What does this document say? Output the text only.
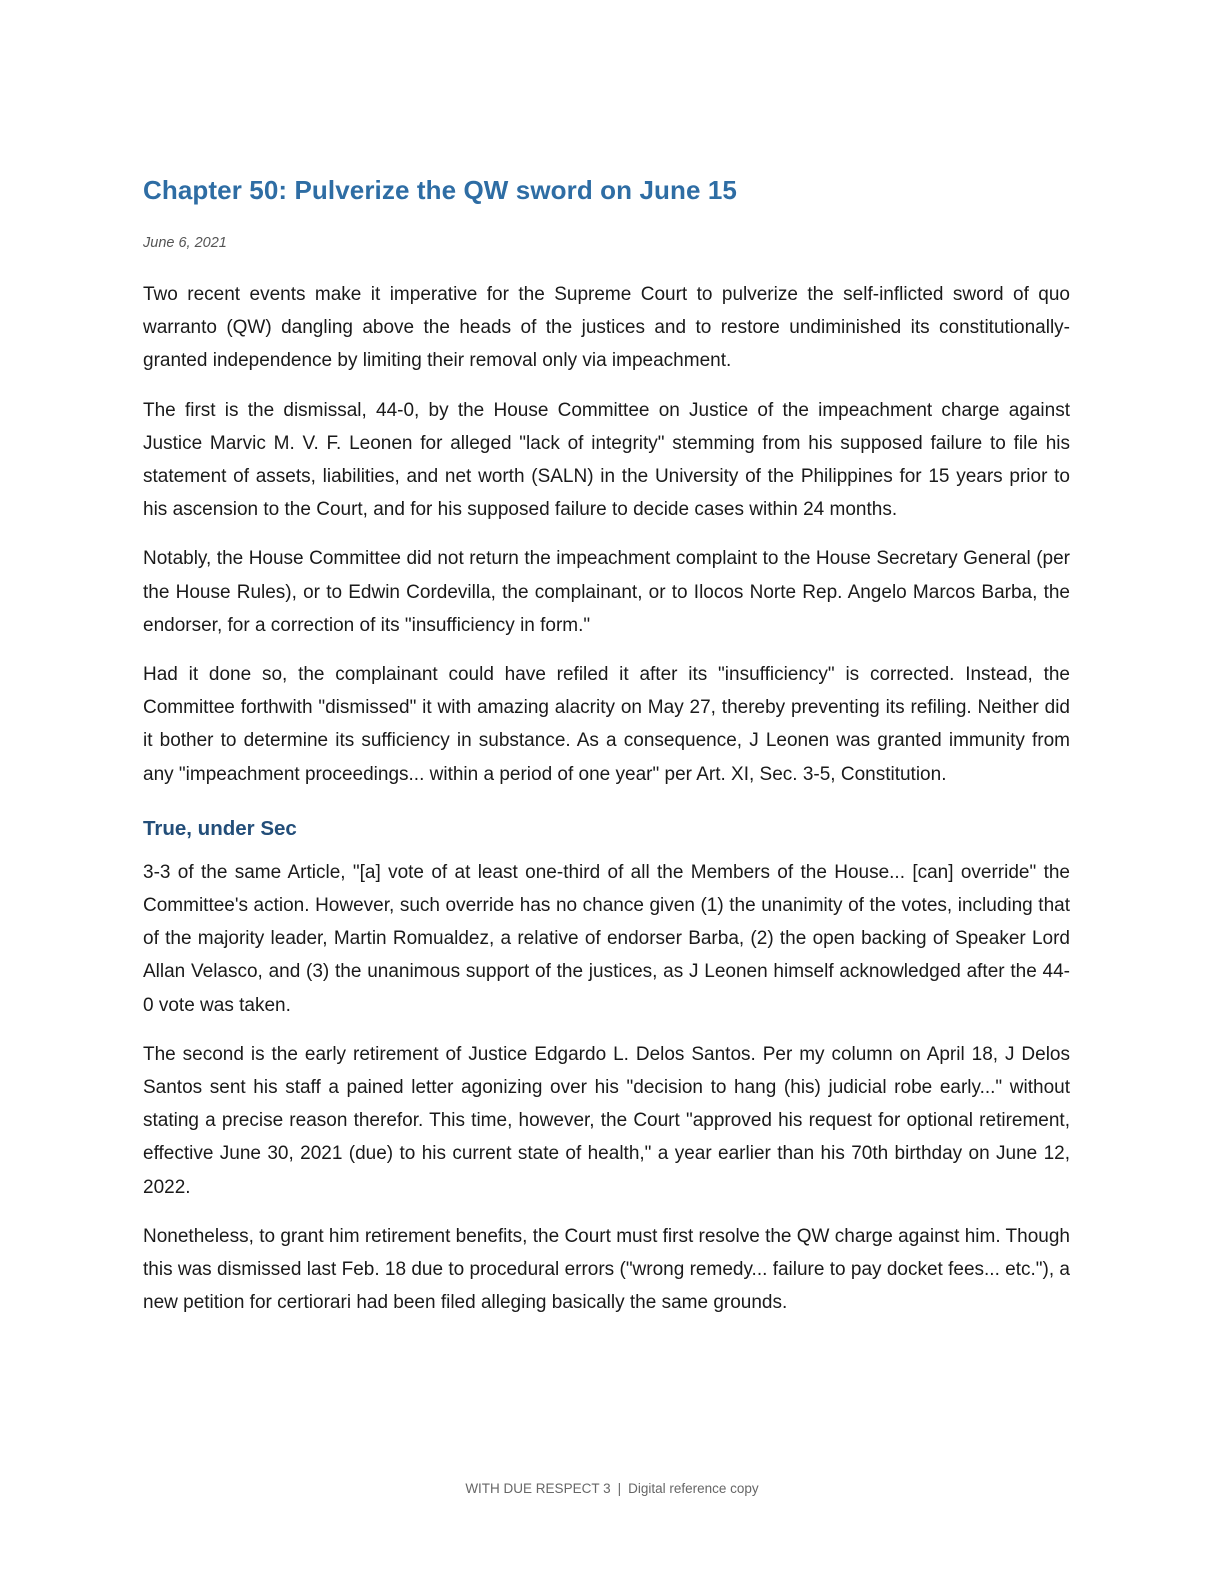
Chapter 50: Pulverize the QW sword on June 15
June 6, 2021

Two recent events make it imperative for the Supreme Court to pulverize the self-inflicted sword of quo warranto (QW) dangling above the heads of the justices and to restore undiminished its constitutionally-granted independence by limiting their removal only via impeachment.

The first is the dismissal, 44-0, by the House Committee on Justice of the impeachment charge against Justice Marvic M. V. F. Leonen for alleged "lack of integrity" stemming from his supposed failure to file his statement of assets, liabilities, and net worth (SALN) in the University of the Philippines for 15 years prior to his ascension to the Court, and for his supposed failure to decide cases within 24 months.

Notably, the House Committee did not return the impeachment complaint to the House Secretary General (per the House Rules), or to Edwin Cordevilla, the complainant, or to Ilocos Norte Rep. Angelo Marcos Barba, the endorser, for a correction of its "insufficiency in form."

Had it done so, the complainant could have refiled it after its "insufficiency" is corrected. Instead, the Committee forthwith "dismissed" it with amazing alacrity on May 27, thereby preventing its refiling. Neither did it bother to determine its sufficiency in substance. As a consequence, J Leonen was granted immunity from any "impeachment proceedings... within a period of one year" per Art. XI, Sec. 3-5, Constitution.

True, under Sec

3-3 of the same Article, "[a] vote of at least one-third of all the Members of the House... [can] override" the Committee's action. However, such override has no chance given (1) the unanimity of the votes, including that of the majority leader, Martin Romualdez, a relative of endorser Barba, (2) the open backing of Speaker Lord Allan Velasco, and (3) the unanimous support of the justices, as J Leonen himself acknowledged after the 44-0 vote was taken.

The second is the early retirement of Justice Edgardo L. Delos Santos. Per my column on April 18, J Delos Santos sent his staff a pained letter agonizing over his "decision to hang (his) judicial robe early..." without stating a precise reason therefor. This time, however, the Court "approved his request for optional retirement, effective June 30, 2021 (due) to his current state of health," a year earlier than his 70th birthday on June 12, 2022.

Nonetheless, to grant him retirement benefits, the Court must first resolve the QW charge against him. Though this was dismissed last Feb. 18 due to procedural errors ("wrong remedy... failure to pay docket fees... etc."), a new petition for certiorari had been filed alleging basically the same grounds.

WITH DUE RESPECT 3 | Digital reference copy
